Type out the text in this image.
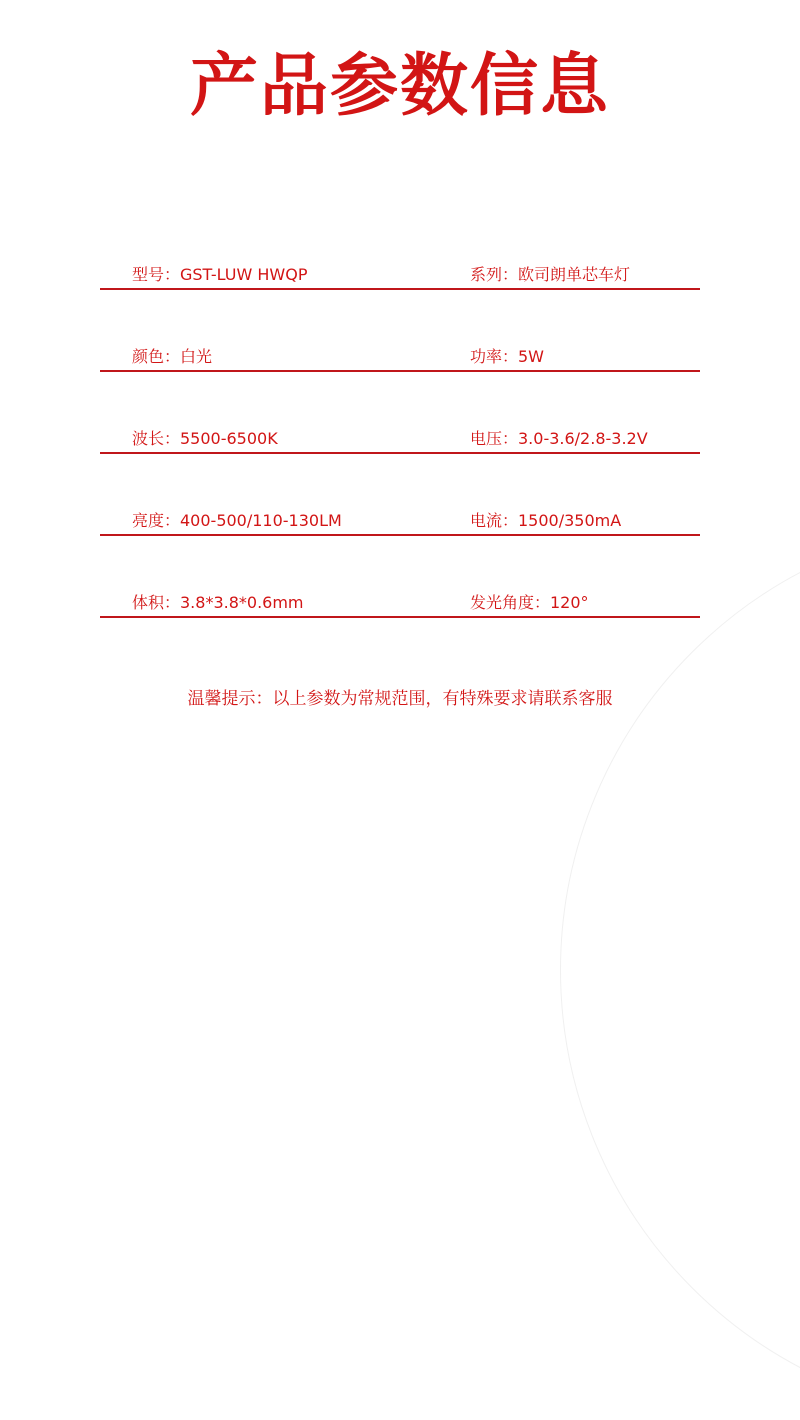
产品参数信息
型号：GST-LUW HWQP	系列：欧司朗单芯车灯
颜色：白光	功率：5W
波长：5500-6500K	电压：3.0-3.6/2.8-3.2V
亮度：400-500/110-130LM	电流：1500/350mA
体积：3.8*3.8*0.6mm	发光角度：120°
温馨提示：以上参数为常规范围，有特殊要求请联系客服
